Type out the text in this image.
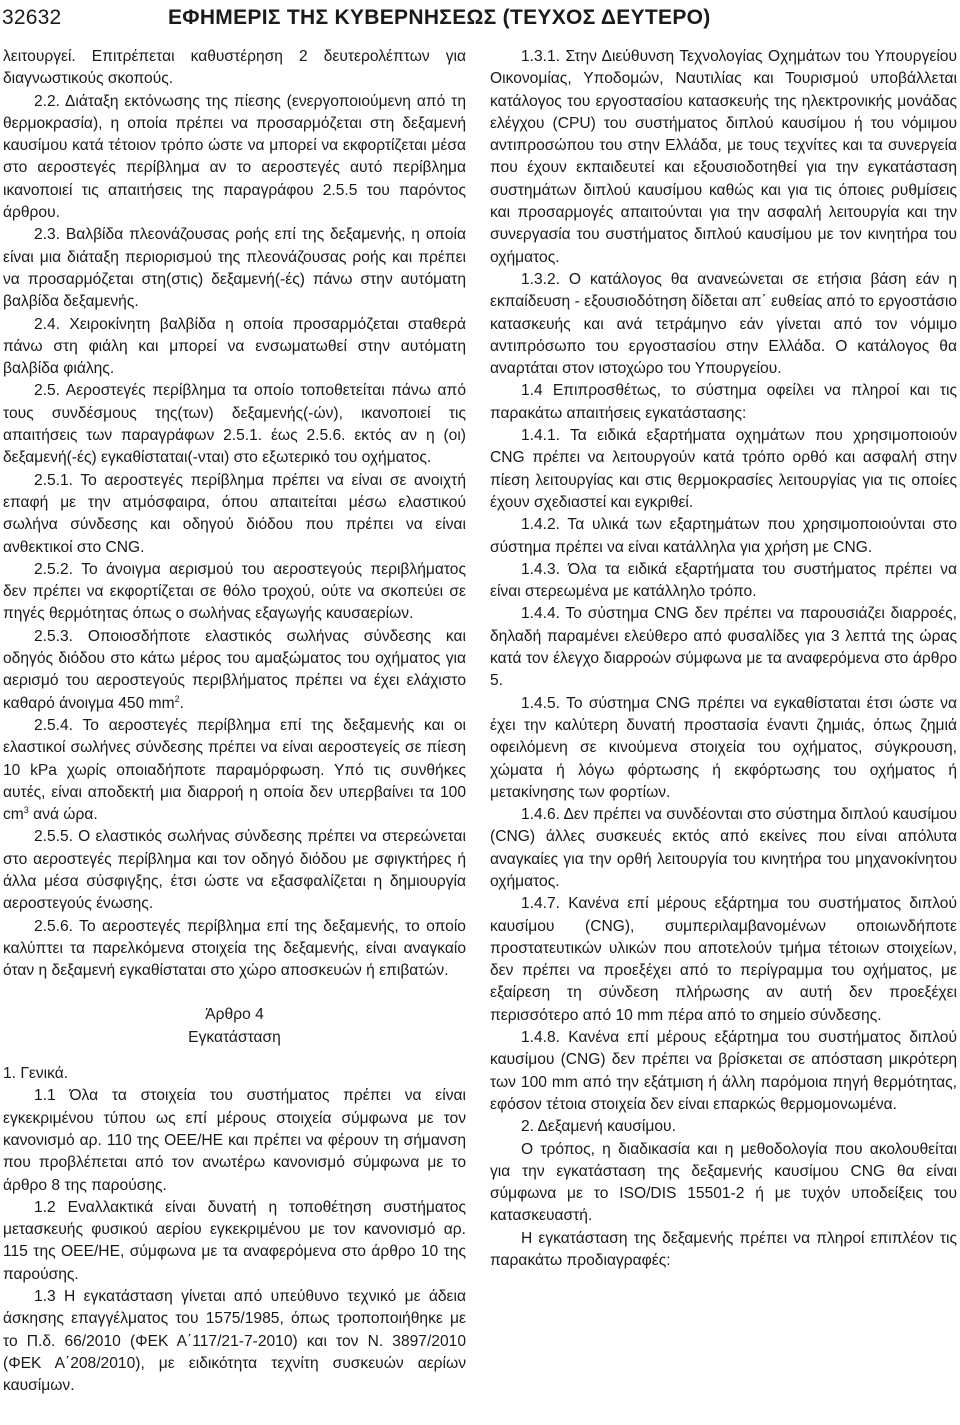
32632	ΕΦΗΜΕΡΙΣ ΤΗΣ ΚΥΒΕΡΝΗΣΕΩΣ (ΤΕΥΧΟΣ ΔΕΥΤΕΡΟ)

λειτουργεί. Επιτρέπεται καθυστέρηση 2 δευτερολέπτων για διαγνωστικούς σκοπούς.

2.2. Διάταξη εκτόνωσης της πίεσης (ενεργοποιούμενη από τη θερμοκρασία), η οποία πρέπει να προσαρμόζεται στη δεξαμενή καυσίμου κατά τέτοιον τρόπο ώστε να μπορεί να εκφορτίζεται μέσα στο αεροστεγές περίβλημα αν το αεροστεγές αυτό περίβλημα ικανοποιεί τις απαιτήσεις της παραγράφου 2.5.5 του παρόντος άρθρου.

2.3. Βαλβίδα πλεονάζουσας ροής επί της δεξαμενής, η οποία είναι μια διάταξη περιορισμού της πλεονάζουσας ροής και πρέπει να προσαρμόζεται στη(στις) δεξαμενή(-ές) πάνω στην αυτόματη βαλβίδα δεξαμενής.

2.4. Χειροκίνητη βαλβίδα η οποία προσαρμόζεται σταθερά πάνω στη φιάλη και μπορεί να ενσωματωθεί στην αυτόματη βαλβίδα φιάλης.

2.5. Αεροστεγές περίβλημα τα οποίο τοποθετείται πάνω από τους συνδέσμους της(των) δεξαμενής(-ών), ικανοποιεί τις απαιτήσεις των παραγράφων 2.5.1. έως 2.5.6. εκτός αν η (οι) δεξαμενή(-ές) εγκαθίσταται(-νται) στο εξωτερικό του οχήματος.

2.5.1. Το αεροστεγές περίβλημα πρέπει να είναι σε ανοιχτή επαφή με την ατμόσφαιρα, όπου απαιτείται μέσω ελαστικού σωλήνα σύνδεσης και οδηγού διόδου που πρέπει να είναι ανθεκτικοί στο CNG.

2.5.2. Το άνοιγμα αερισμού του αεροστεγούς περιβλήματος δεν πρέπει να εκφορτίζεται σε θόλο τροχού, ούτε να σκοπεύει σε πηγές θερμότητας όπως ο σωλήνας εξαγωγής καυσαερίων.

2.5.3. Οποιοσδήποτε ελαστικός σωλήνας σύνδεσης και οδηγός διόδου στο κάτω μέρος του αμαξώματος του οχήματος για αερισμό του αεροστεγούς περιβλήματος πρέπει να έχει ελάχιστο καθαρό άνοιγμα 450 $mm^2$.

2.5.4. Το αεροστεγές περίβλημα επί της δεξαμενής και οι ελαστικοί σωλήνες σύνδεσης πρέπει να είναι αεροστεγείς σε πίεση 10 kPa χωρίς οποιαδήποτε παραμόρφωση. Υπό τις συνθήκες αυτές, είναι αποδεκτή μια διαρροή η οποία δεν υπερβαίνει τα 100 $cm^3$ ανά ώρα.

2.5.5. Ο ελαστικός σωλήνας σύνδεσης πρέπει να στερεώνεται στο αεροστεγές περίβλημα και τον οδηγό διόδου με σφιγκτήρες ή άλλα μέσα σύσφιγξης, έτσι ώστε να εξασφαλίζεται η δημιουργία αεροστεγούς ένωσης.

2.5.6. Το αεροστεγές περίβλημα επί της δεξαμενής, το οποίο καλύπτει τα παρελκόμενα στοιχεία της δεξαμενής, είναι αναγκαίο όταν η δεξαμενή εγκαθίσταται στο χώρο αποσκευών ή επιβατών.

Άρθρο 4

Εγκατάσταση

1. Γενικά.

1.1 Όλα τα στοιχεία του συστήματος πρέπει να είναι εγκεκριμένου τύπου ως επί μέρους στοιχεία σύμφωνα με τον κανονισμό αρ. 110 της ΟΕΕ/ΗΕ και πρέπει να φέρουν τη σήμανση που προβλέπεται από τον ανωτέρω κανονισμό σύμφωνα με το άρθρο 8 της παρούσης.

1.2 Εναλλακτικά είναι δυνατή η τοποθέτηση συστήματος μετασκευής φυσικού αερίου εγκεκριμένου με τον κανονισμό αρ. 115 της ΟΕΕ/ΗΕ, σύμφωνα με τα αναφερόμενα στο άρθρο 10 της παρούσης.

1.3 Η εγκατάσταση γίνεται από υπεύθυνο τεχνικό με άδεια άσκησης επαγγέλματος του 1575/1985, όπως τροποποιήθηκε με το Π.δ. 66/2010 (ΦΕΚ Α΄117/21-7-2010) και τον Ν. 3897/2010 (ΦΕΚ Α΄208/2010), με ειδικότητα τεχνίτη συσκευών αερίων καυσίμων.

1.3.1. Στην Διεύθυνση Τεχνολογίας Οχημάτων του Υπουργείου Οικονομίας, Υποδομών, Ναυτιλίας και Τουρισμού υποβάλλεται κατάλογος του εργοστασίου κατασκευής της ηλεκτρονικής μονάδας ελέγχου (CPU) του συστήματος διπλού καυσίμου ή του νόμιμου αντιπροσώπου του στην Ελλάδα, με τους τεχνίτες και τα συνεργεία που έχουν εκπαιδευτεί και εξουσιοδοτηθεί για την εγκατάσταση συστημάτων διπλού καυσίμου καθώς και για τις όποιες ρυθμίσεις και προσαρμογές απαιτούνται για την ασφαλή λειτουργία και την συνεργασία του συστήματος διπλού καυσίμου με τον κινητήρα του οχήματος.

1.3.2. Ο κατάλογος θα ανανεώνεται σε ετήσια βάση εάν η εκπαίδευση - εξουσιοδότηση δίδεται απ΄ ευθείας από το εργοστάσιο κατασκευής και ανά τετράμηνο εάν γίνεται από τον νόμιμο αντιπρόσωπο του εργοστασίου στην Ελλάδα. Ο κατάλογος θα αναρτάται στον ιστοχώρο του Υπουργείου.

1.4 Επιπροσθέτως, το σύστημα οφείλει να πληροί και τις παρακάτω απαιτήσεις εγκατάστασης:

1.4.1. Τα ειδικά εξαρτήματα οχημάτων που χρησιμοποιούν CNG πρέπει να λειτουργούν κατά τρόπο ορθό και ασφαλή στην πίεση λειτουργίας και στις θερμοκρασίες λειτουργίας για τις οποίες έχουν σχεδιαστεί και εγκριθεί.

1.4.2. Τα υλικά των εξαρτημάτων που χρησιμοποιούνται στο σύστημα πρέπει να είναι κατάλληλα για χρήση με CNG.

1.4.3. Όλα τα ειδικά εξαρτήματα του συστήματος πρέπει να είναι στερεωμένα με κατάλληλο τρόπο.

1.4.4. Το σύστημα CNG δεν πρέπει να παρουσιάζει διαρροές, δηλαδή παραμένει ελεύθερο από φυσαλίδες για 3 λεπτά της ώρας κατά τον έλεγχο διαρροών σύμφωνα με τα αναφερόμενα στο άρθρο 5.

1.4.5. Το σύστημα CNG πρέπει να εγκαθίσταται έτσι ώστε να έχει την καλύτερη δυνατή προστασία έναντι ζημιάς, όπως ζημιά οφειλόμενη σε κινούμενα στοιχεία του οχήματος, σύγκρουση, χώματα ή λόγω φόρτωσης ή εκφόρτωσης του οχήματος ή μετακίνησης των φορτίων.

1.4.6. Δεν πρέπει να συνδέονται στο σύστημα διπλού καυσίμου (CNG) άλλες συσκευές εκτός από εκείνες που είναι απόλυτα αναγκαίες για την ορθή λειτουργία του κινητήρα του μηχανοκίνητου οχήματος.

1.4.7. Κανένα επί μέρους εξάρτημα του συστήματος διπλού καυσίμου (CNG), συμπεριλαμβανομένων οποιωνδήποτε προστατευτικών υλικών που αποτελούν τμήμα τέτοιων στοιχείων, δεν πρέπει να προεξέχει από το περίγραμμα του οχήματος, με εξαίρεση τη σύνδεση πλήρωσης αν αυτή δεν προεξέχει περισσότερο από 10 mm πέρα από το σημείο σύνδεσης.

1.4.8. Κανένα επί μέρους εξάρτημα του συστήματος διπλού καυσίμου (CNG) δεν πρέπει να βρίσκεται σε απόσταση μικρότερη των 100 mm από την εξάτμιση ή άλλη παρόμοια πηγή θερμότητας, εφόσον τέτοια στοιχεία δεν είναι επαρκώς θερμομονωμένα.

2. Δεξαμενή καυσίμου.

Ο τρόπος, η διαδικασία και η μεθοδολογία που ακολουθείται για την εγκατάσταση της δεξαμενής καυσίμου CNG θα είναι σύμφωνα με το ISO/DIS 15501-2 ή με τυχόν υποδείξεις του κατασκευαστή.

Η εγκατάσταση της δεξαμενής πρέπει να πληροί επιπλέον τις παρακάτω προδιαγραφές:
